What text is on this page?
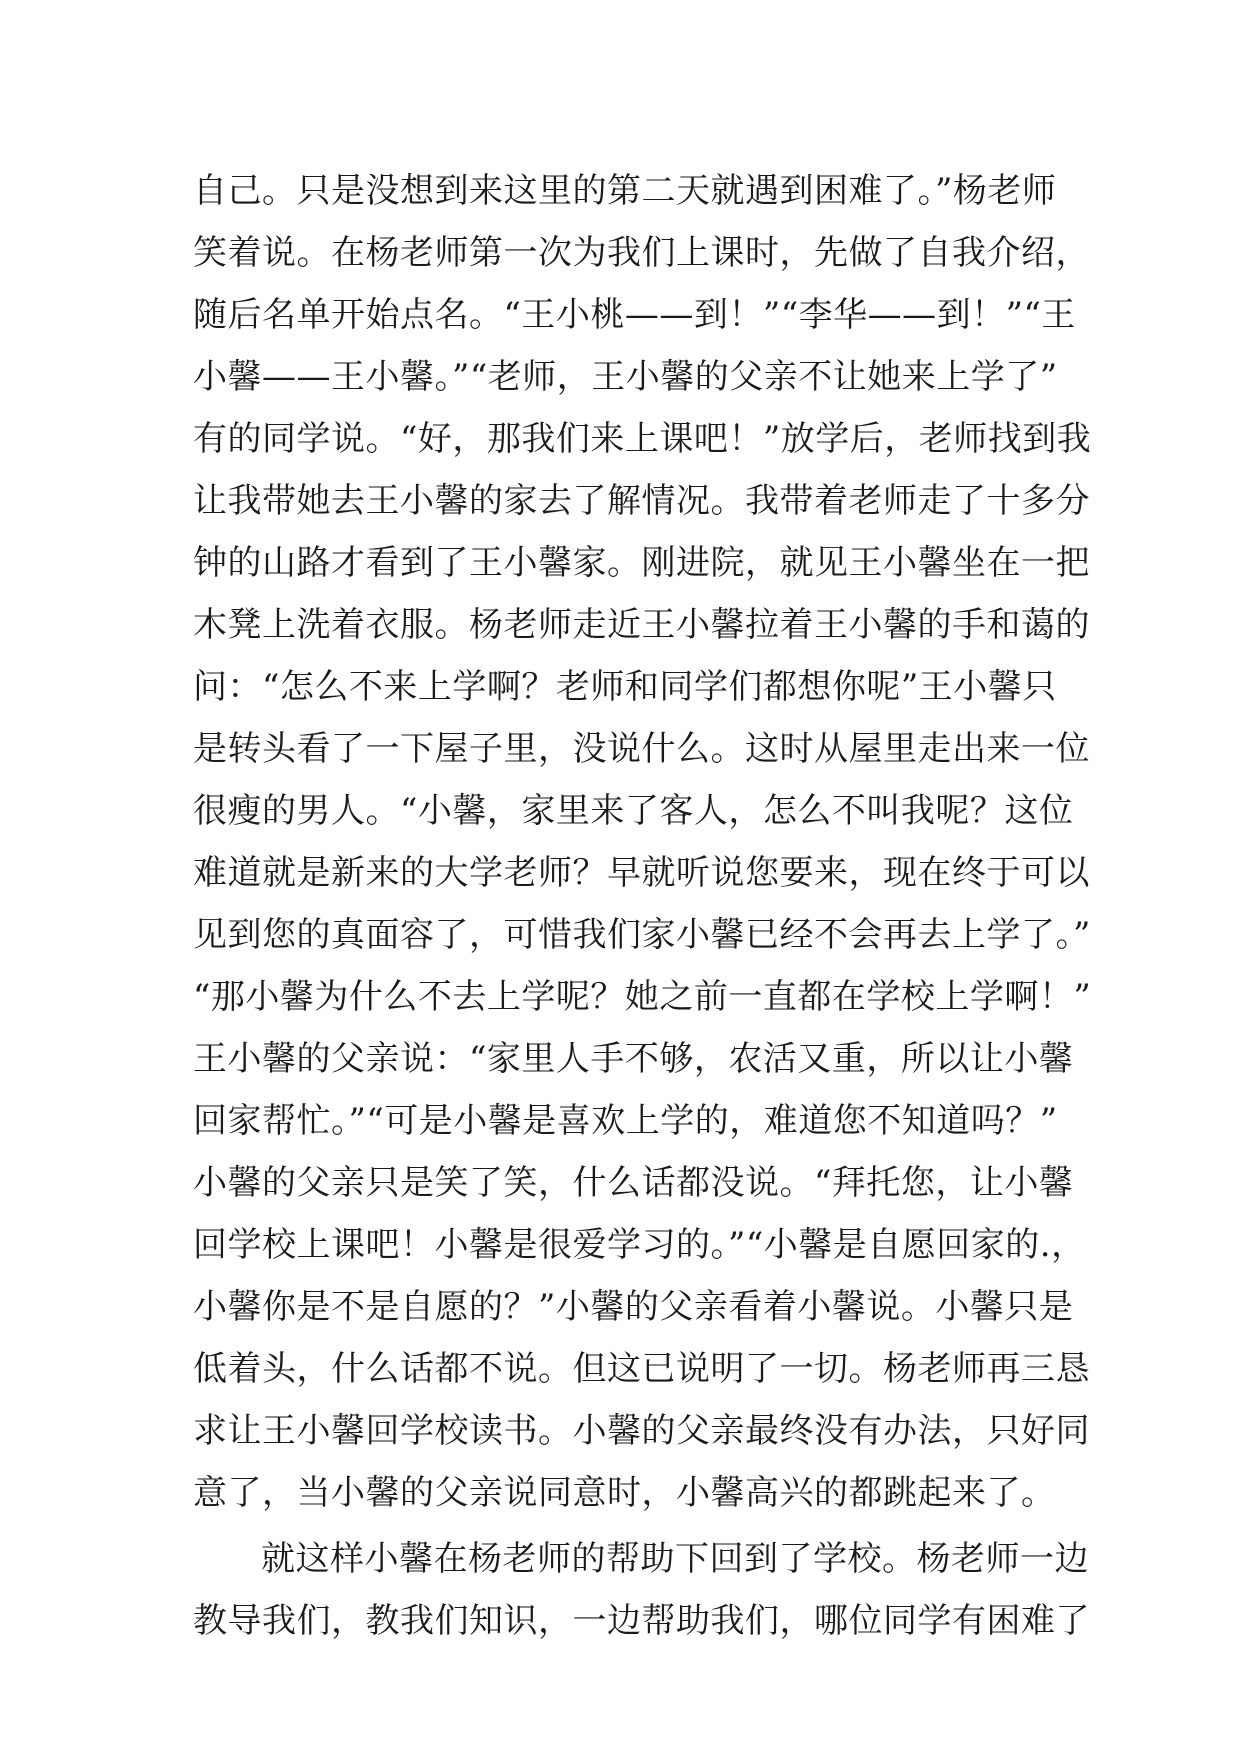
自己。只是没想到来这里的第二天就遇到困难了。”杨老师
笑着说。在杨老师第一次为我们上课时，先做了自我介绍，
随后名单开始点名。“王小桃——到！”“李华——到！”“王
小馨——王小馨。”“老师，王小馨的父亲不让她来上学了”
有的同学说。“好，那我们来上课吧！”放学后，老师找到我
让我带她去王小馨的家去了解情况。我带着老师走了十多分
钟的山路才看到了王小馨家。刚进院，就见王小馨坐在一把
木凳上洗着衣服。杨老师走近王小馨拉着王小馨的手和蔼的
问：“怎么不来上学啊？老师和同学们都想你呢”王小馨只
是转头看了一下屋子里，没说什么。这时从屋里走出来一位
很瘦的男人。“小馨，家里来了客人，怎么不叫我呢？这位
难道就是新来的大学老师？早就听说您要来，现在终于可以
见到您的真面容了，可惜我们家小馨已经不会再去上学了。”
“那小馨为什么不去上学呢？她之前一直都在学校上学啊！”
王小馨的父亲说：“家里人手不够，农活又重，所以让小馨
回家帮忙。”“可是小馨是喜欢上学的，难道您不知道吗？”
小馨的父亲只是笑了笑，什么话都没说。“拜托您，让小馨
回学校上课吧！小馨是很爱学习的。”“小馨是自愿回家的.，
小馨你是不是自愿的？”小馨的父亲看着小馨说。小馨只是
低着头，什么话都不说。但这已说明了一切。杨老师再三恳
求让王小馨回学校读书。小馨的父亲最终没有办法，只好同
意了，当小馨的父亲说同意时，小馨高兴的都跳起来了。
就这样小馨在杨老师的帮助下回到了学校。杨老师一边
教导我们，教我们知识，一边帮助我们，哪位同学有困难了
